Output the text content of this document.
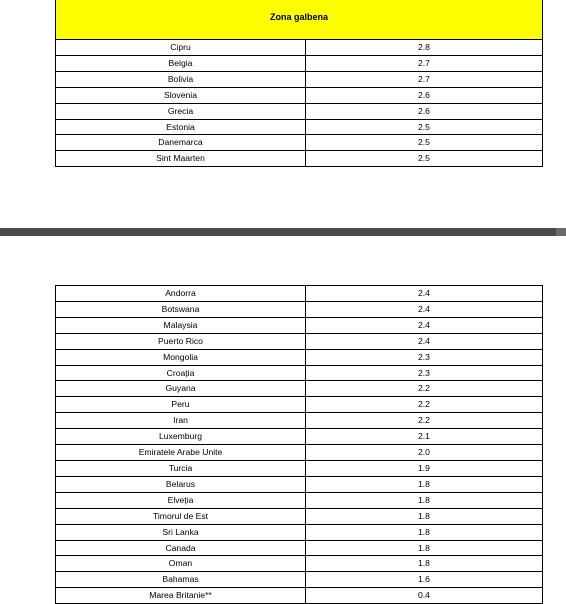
Zona galbena	
Cipru	2.8
Belgia	2.7
Bolivia	2.7
Slovenia	2.6
Grecia	2.6
Estonia	2.5
Danemarca	2.5
Sint Maarten	2.5
Andorra	2.4
Botswana	2.4
Malaysia	2.4
Puerto Rico	2.4
Mongolia	2.3
Croația	2.3
Guyana	2.2
Peru	2.2
Iran	2.2
Luxemburg	2.1
Emiratele Arabe Unite	2.0
Turcia	1.9
Belarus	1.8
Elveția	1.8
Timorul de Est	1.8
Sri Lanka	1.8
Canada	1.8
Oman	1.8
Bahamas	1.6
Marea Britanie**	0.4
